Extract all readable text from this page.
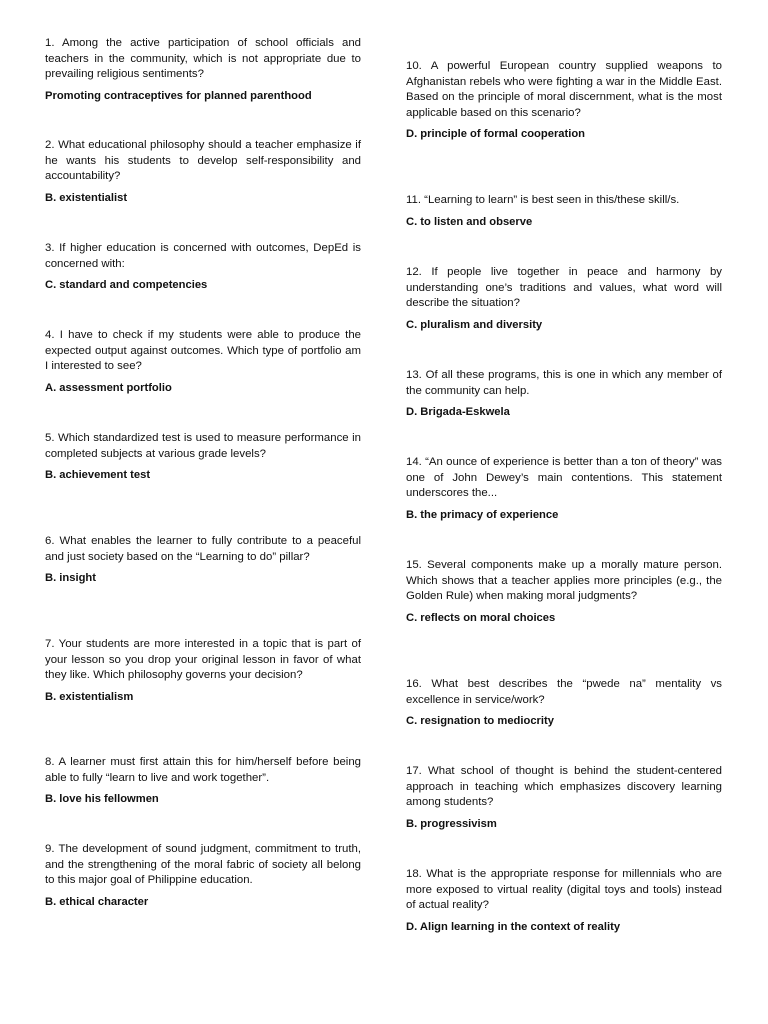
1. Among the active participation of school officials and teachers in the community, which is not appropriate due to prevailing religious sentiments?

Promoting contraceptives for planned parenthood

2. What educational philosophy should a teacher emphasize if he wants his students to develop self-responsibility and accountability?

B. existentialist

3. If higher education is concerned with outcomes, DepEd is concerned with:

C. standard and competencies

4. I have to check if my students were able to produce the expected output against outcomes. Which type of portfolio am I interested to see?

A. assessment portfolio

5. Which standardized test is used to measure performance in completed subjects at various grade levels?

B. achievement test

6. What enables the learner to fully contribute to a peaceful and just society based on the “Learning to do” pillar?

B. insight

7. Your students are more interested in a topic that is part of your lesson so you drop your original lesson in favor of what they like. Which philosophy governs your decision?

B. existentialism

8. A learner must first attain this for him/herself before being able to fully “learn to live and work together”.

B. love his fellowmen

9. The development of sound judgment, commitment to truth, and the strengthening of the moral fabric of society all belong to this major goal of Philippine education.

B. ethical character

10. A powerful European country supplied weapons to Afghanistan rebels who were fighting a war in the Middle East. Based on the principle of moral discernment, what is the most applicable based on this scenario?

D. principle of formal cooperation

11. “Learning to learn” is best seen in this/these skill/s.

C. to listen and observe

12. If people live together in peace and harmony by understanding one’s traditions and values, what word will describe the situation?

C. pluralism and diversity

13. Of all these programs, this is one in which any member of the community can help.

D. Brigada-Eskwela

14. “An ounce of experience is better than a ton of theory” was one of John Dewey’s main contentions. This statement underscores the...

B. the primacy of experience

15. Several components make up a morally mature person. Which shows that a teacher applies more principles (e.g., the Golden Rule) when making moral judgments?

C. reflects on moral choices

16. What best describes the “pwede na” mentality vs excellence in service/work?

C. resignation to mediocrity

17. What school of thought is behind the student-centered approach in teaching which emphasizes discovery learning among students?

B. progressivism

18. What is the appropriate response for millennials who are more exposed to virtual reality (digital toys and tools) instead of actual reality?

D. Align learning in the context of reality
